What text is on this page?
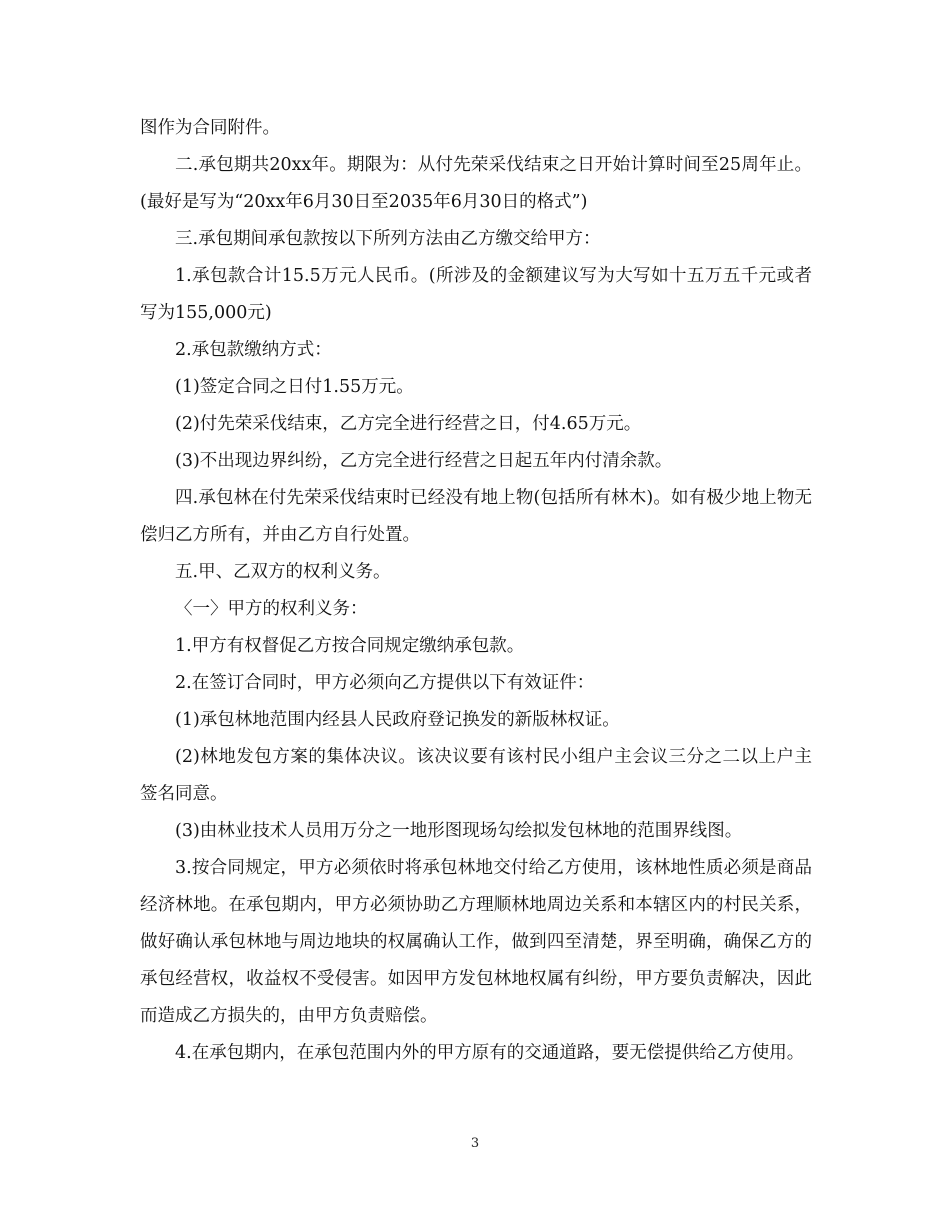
图作为合同附件。

二.承包期共20xx年。期限为：从付先荣采伐结束之日开始计算时间至25周年止。(最好是写为“20xx年6月30日至2035年6月30日的格式”)

三.承包期间承包款按以下所列方法由乙方缴交给甲方：

1.承包款合计15.5万元人民币。(所涉及的金额建议写为大写如十五万五千元或者写为155,000元)

2.承包款缴纳方式：

(1)签定合同之日付1.55万元。

(2)付先荣采伐结束，乙方完全进行经营之日，付4.65万元。

(3)不出现边界纠纷，乙方完全进行经营之日起五年内付清余款。

四.承包林在付先荣采伐结束时已经没有地上物(包括所有林木)。如有极少地上物无偿归乙方所有，并由乙方自行处置。

五.甲、乙双方的权利义务。

〈一〉甲方的权利义务：

1.甲方有权督促乙方按合同规定缴纳承包款。

2.在签订合同时，甲方必须向乙方提供以下有效证件：

(1)承包林地范围内经县人民政府登记换发的新版林权证。

(2)林地发包方案的集体决议。该决议要有该村民小组户主会议三分之二以上户主签名同意。

(3)由林业技术人员用万分之一地形图现场勾绘拟发包林地的范围界线图。

3.按合同规定，甲方必须依时将承包林地交付给乙方使用，该林地性质必须是商品经济林地。在承包期内，甲方必须协助乙方理顺林地周边关系和本辖区内的村民关系，做好确认承包林地与周边地块的权属确认工作，做到四至清楚，界至明确，确保乙方的承包经营权，收益权不受侵害。如因甲方发包林地权属有纠纷，甲方要负责解决，因此而造成乙方损失的，由甲方负责赔偿。

4.在承包期内，在承包范围内外的甲方原有的交通道路，要无偿提供给乙方使用。

3
